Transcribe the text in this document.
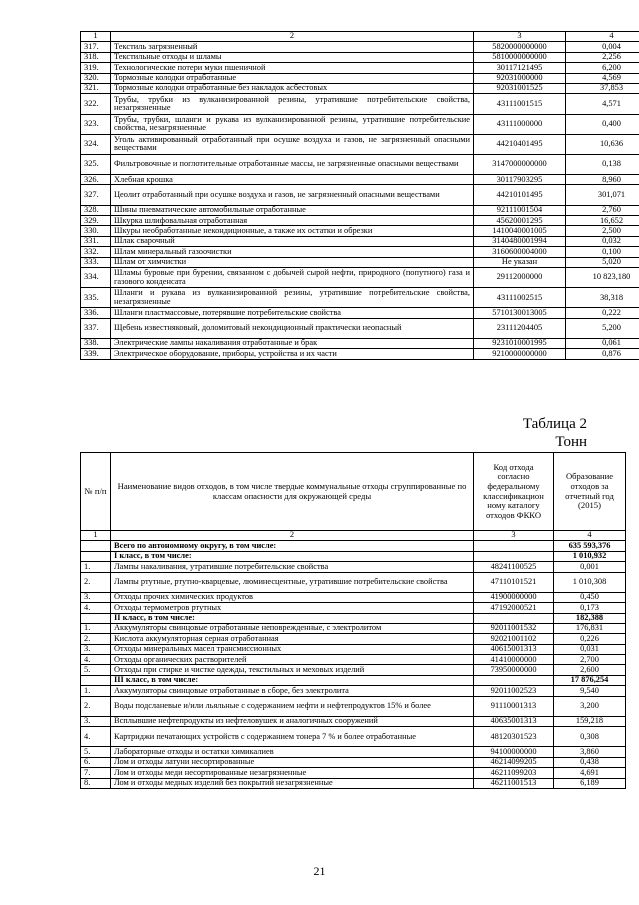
1	2	3	4
317.	Текстиль загрязненный	5820000000000	0,004
318.	Текстильные отходы и шламы	5810000000000	2,256
319.	Технологические потери муки пшеничной	30117121495	6,200
320.	Тормозные колодки отработанные	92031000000	4,569
321.	Тормозные колодки отработанные без накладок асбестовых	92031001525	37,853
322.	Трубы, трубки из вулканизированной резины, утратившие потребительские свойства, незагрязненные	43111001515	4,571
323.	Трубы, трубки, шланги и рукава из вулканизированной резины, утратившие потребительские свойства, незагрязненные	43111000000	0,400
324.	Уголь активированный отработанный при осушке воздуха и газов, не загрязненный опасными веществами	44210401495	10,636
325.	Фильтровочные и поглотительные отработанные массы, не загрязненные опасными веществами	3147000000000	0,138
326.	Хлебная крошка	30117903295	8,960
327.	Цеолит отработанный при осушке воздуха и газов, не загрязненный опасными веществами	44210101495	301,071
328.	Шины пневматические автомобильные отработанные	92111001504	2,760
329.	Шкурка шлифовальная отработанная	45620001295	16,652
330.	Шкуры необработанные некондиционные, а также их остатки и обрезки	1410040001005	2,500
331.	Шлак сварочный	3140480001994	0,032
332.	Шлам минеральный газоочистки	3160600004000	0,100
333.	Шлам от химчистки	Не указан	5,020
334.	Шламы буровые при бурении, связанном с добычей сырой нефти, природного (попутного) газа и газового конденсата	29112000000	10 823,180
335.	Шланги и рукава из вулканизированной резины, утратившие потребительские свойства, незагрязненные	43111002515	38,318
336.	Шланги пластмассовые, потерявшие потребительские свойства	5710130013005	0,222
337.	Щебень известняковый, доломитовый некондиционный практически неопасный	23111204405	5,200
338.	Электрические лампы накаливания отработанные и брак	9231010001995	0,061
339.	Электрическое оборудование, приборы, устройства и их части	9210000000000	0,876
Таблица 2
Тонн
№ п/п	Наименование видов отходов, в том числе твердые коммунальные отходы сгруппированные по классам опасности для окружающей среды	Код отхода согласно федеральному классификацион ному каталогу отходов ФККО	Образование отходов за отчетный год (2015)
1	2	3	4
	Всего по автономному округу, в том числе:		635 593,376
	I класс, в том числе:		1 010,932
1.	Лампы накаливания, утратившие потребительские свойства	48241100525	0,001
2.	Лампы ртутные, ртутно-кварцевые, люминесцентные, утратившие потребительские свойства	47110101521	1 010,308
3.	Отходы прочих химических продуктов	41900000000	0,450
4.	Отходы термометров ртутных	47192000521	0,173
	II класс, в том числе:		182,388
1.	Аккумуляторы свинцовые отработанные неповрежденные, с электролитом	92011001532	176,831
2.	Кислота аккумуляторная серная отработанная	92021001102	0,226
3.	Отходы минеральных масел трансмиссионных	40615001313	0,031
4.	Отходы органических растворителей	41410000000	2,700
5.	Отходы при стирке и чистке одежды, текстильных и меховых изделий	73950000000	2,600
	III класс, в том числе:		17 876,254
1.	Аккумуляторы свинцовые отработанные в сборе, без электролита	92011002523	9,540
2.	Воды подсланевые и/или льяльные с содержанием нефти и нефтепродуктов 15% и более	91110001313	3,200
3.	Всплывшие нефтепродукты из нефтеловушек и аналогичных сооружений	40635001313	159,218
4.	Картриджи печатающих устройств с содержанием тонера 7 % и более отработанные	48120301523	0,308
5.	Лабораторные отходы и остатки химикалиев	94100000000	3,860
6.	Лом и отходы латуни несортированные	46214099205	0,438
7.	Лом и отходы меди несортированные незагрязненные	46211099203	4,691
8.	Лом и отходы медных изделий без покрытий незагрязненные	46211001513	6,189
21
